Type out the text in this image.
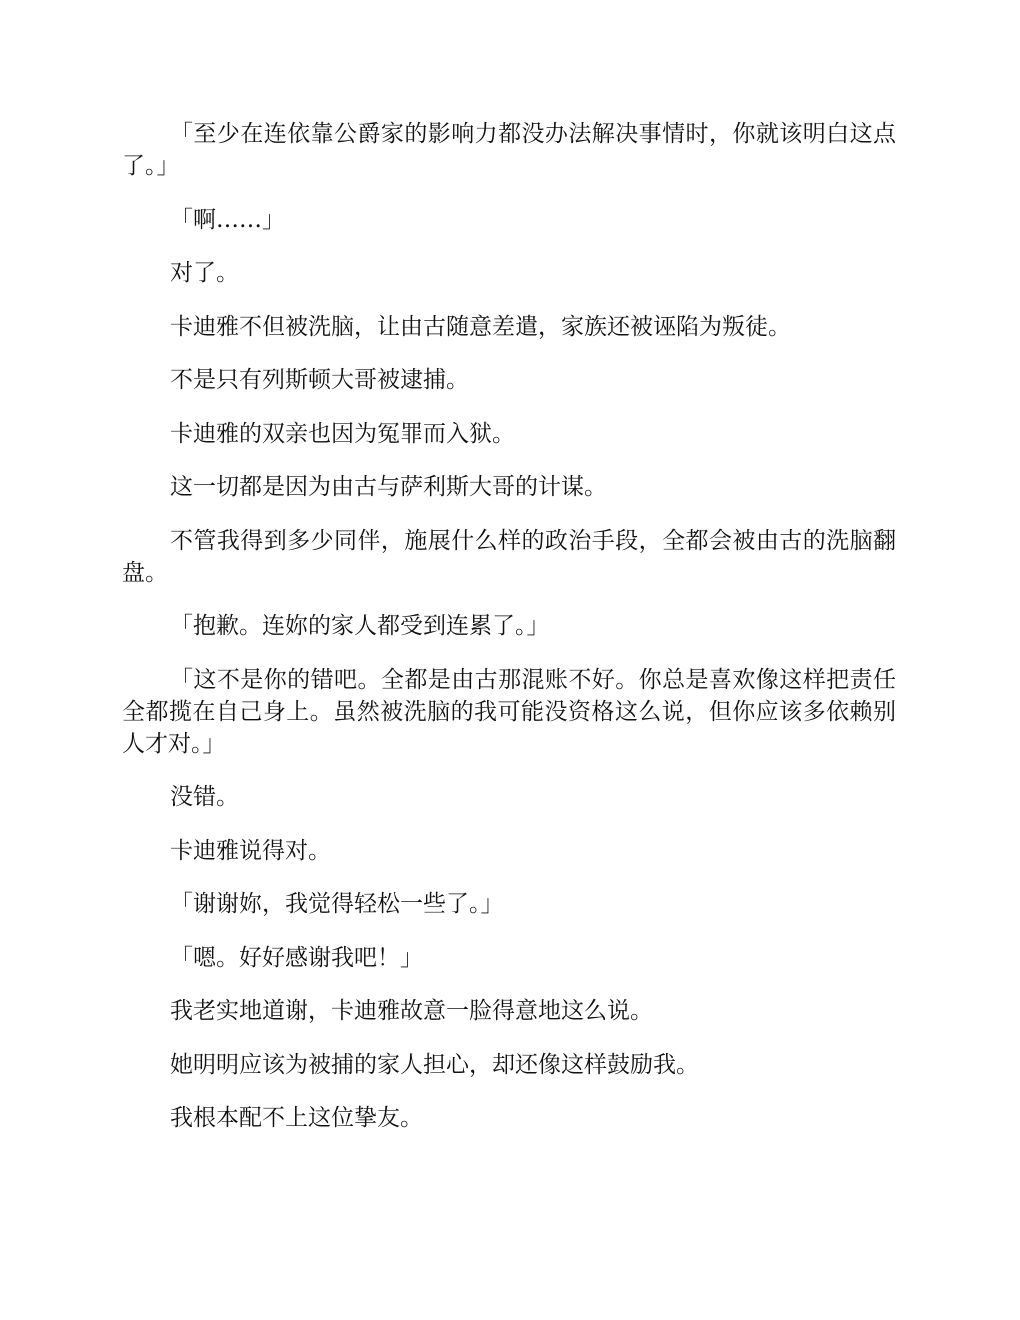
「至少在连依靠公爵家的影响力都没办法解决事情时，你就该明白这点了。」

「啊……」

对了。

卡迪雅不但被洗脑，让由古随意差遣，家族还被诬陷为叛徒。

不是只有列斯顿大哥被逮捕。

卡迪雅的双亲也因为冤罪而入狱。

这一切都是因为由古与萨利斯大哥的计谋。

不管我得到多少同伴，施展什么样的政治手段，全都会被由古的洗脑翻盘。

「抱歉。连妳的家人都受到连累了。」

「这不是你的错吧。全都是由古那混账不好。你总是喜欢像这样把责任全都揽在自己身上。虽然被洗脑的我可能没资格这么说，但你应该多依赖别人才对。」

没错。

卡迪雅说得对。

「谢谢妳，我觉得轻松一些了。」

「嗯。好好感谢我吧！」

我老实地道谢，卡迪雅故意一脸得意地这么说。

她明明应该为被捕的家人担心，却还像这样鼓励我。

我根本配不上这位挚友。
